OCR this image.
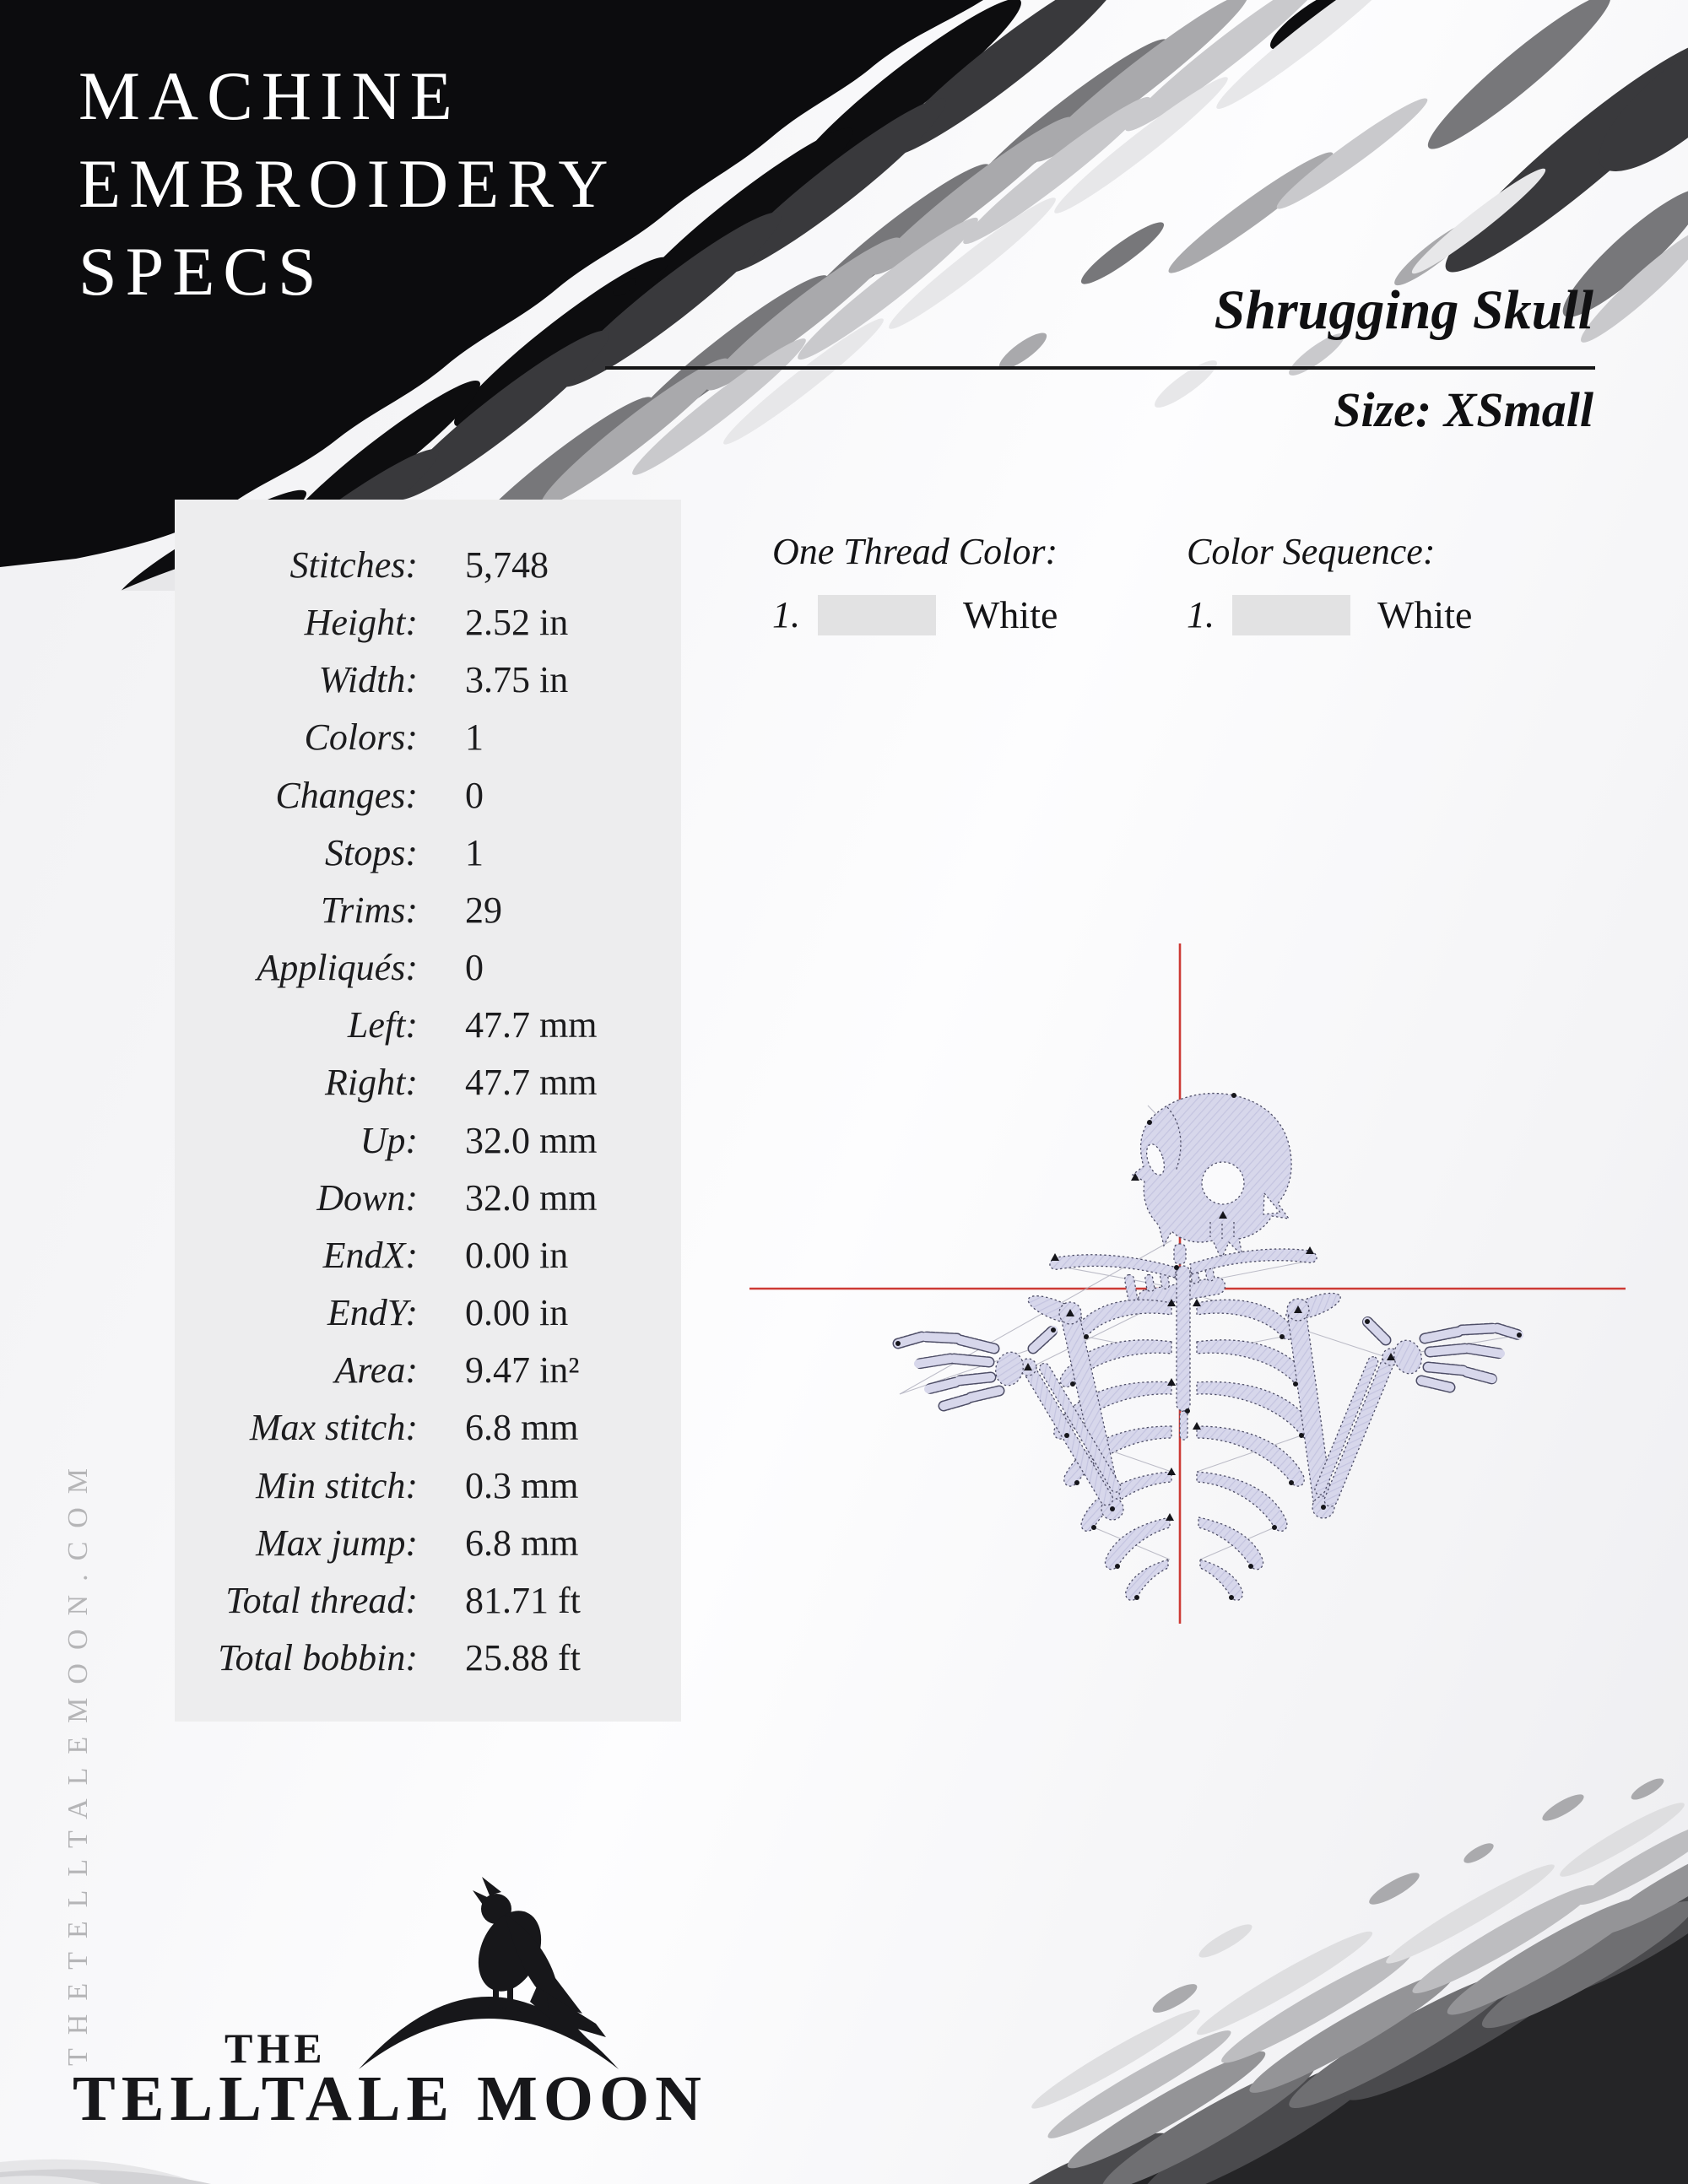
MACHINE
EMBROIDERY
SPECS
Shrugging Skull
Size: XSmall
Stitches: 5,748
Height: 2.52 in
Width: 3.75 in
Colors: 1
Changes: 0
Stops: 1
Trims: 29
Appliqués: 0
Left: 47.7 mm
Right: 47.7 mm
Up: 32.0 mm
Down: 32.0 mm
EndX: 0.00 in
EndY: 0.00 in
Area: 9.47 in²
Max stitch: 6.8 mm
Min stitch: 0.3 mm
Max jump: 6.8 mm
Total thread: 81.71 ft
Total bobbin: 25.88 ft
One Thread Color:
1.	White
Color Sequence:
1.	White
THETELLTALEMOON.COM	THE
TELLTALE MOON
